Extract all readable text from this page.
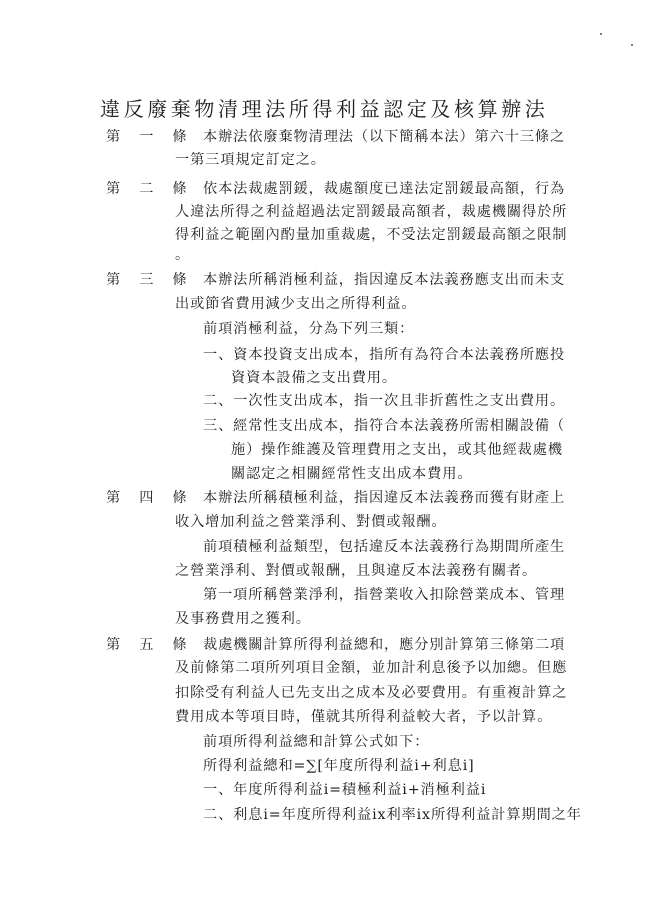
違反廢棄物清理法所得利益認定及核算辦法
第一條
本辦法依廢棄物清理法（以下簡稱本法）第六十三條之
一第三項規定訂定之。
第二條
依本法裁處罰鍰，裁處額度已達法定罰鍰最高額，行為
人違法所得之利益超過法定罰鍰最高額者，裁處機關得於所
得利益之範圍內酌量加重裁處，不受法定罰鍰最高額之限制
。
第三條
本辦法所稱消極利益，指因違反本法義務應支出而未支
出或節省費用減少支出之所得利益。
前項消極利益，分為下列三類：
一、資本投資支出成本，指所有為符合本法義務所應投
資資本設備之支出費用。
二、一次性支出成本，指一次且非折舊性之支出費用。
三、經常性支出成本，指符合本法義務所需相關設備（
施）操作維護及管理費用之支出，或其他經裁處機
關認定之相關經常性支出成本費用。
第四條
本辦法所稱積極利益，指因違反本法義務而獲有財產上
收入增加利益之營業淨利、對價或報酬。
前項積極利益類型，包括違反本法義務行為期間所產生
之營業淨利、對價或報酬，且與違反本法義務有關者。
第一項所稱營業淨利，指營業收入扣除營業成本、管理
及事務費用之獲利。
第五條
裁處機關計算所得利益總和，應分別計算第三條第二項
及前條第二項所列項目金額，並加計利息後予以加總。但應
扣除受有利益人已先支出之成本及必要費用。有重複計算之
費用成本等項目時，僅就其所得利益較大者，予以計算。
前項所得利益總和計算公式如下：
所得利益總和=∑[年度所得利益i+利息i]
一、年度所得利益i=積極利益i+消極利益i
二、利息i=年度所得利益ix利率ix所得利益計算期間之年
